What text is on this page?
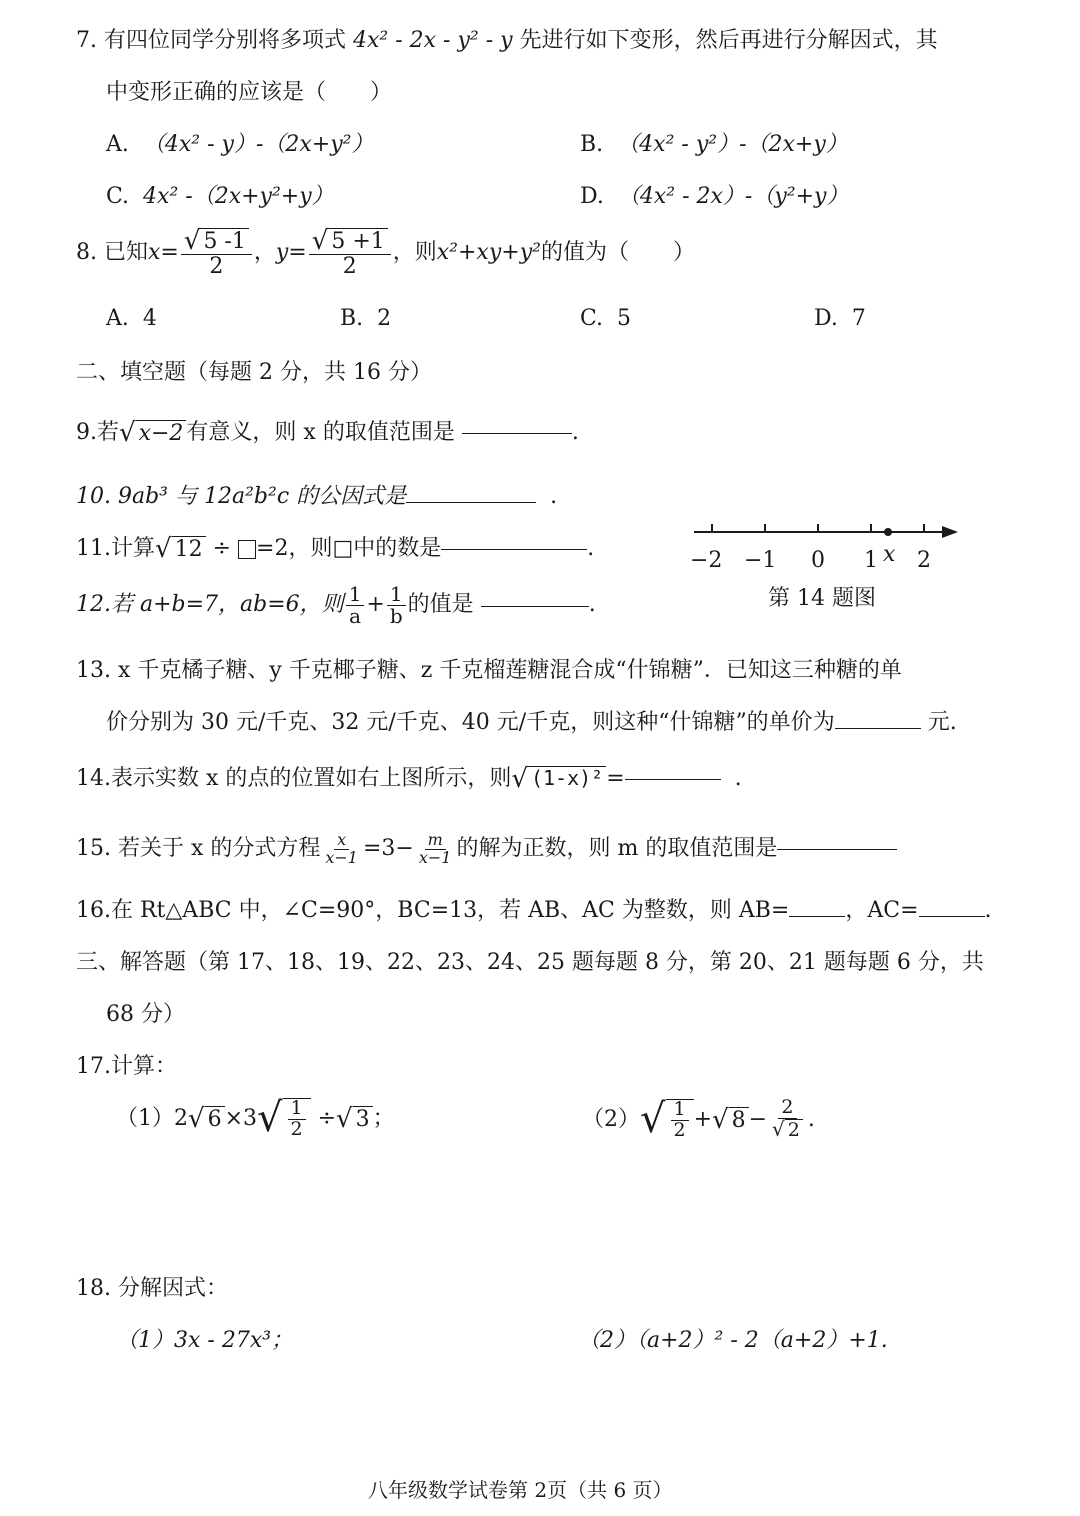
7. 有四位同学分别将多项式 4x² - 2x - y² - y 先进行如下变形，然后再进行分解因式，其
中变形正确的应该是（　　）
A. （4x² - y）-（2x+y²）	B. （4x² - y²）-（2x+y）
C. 4x² -（2x+y²+y）	D. （4x² - 2x）-（y²+y）
8.
已知 $x= \frac{√ 5 -1}{2}$ ， $y= \frac{√ 5 +1}{2}$ ，则 x²+xy+y² 的值为（　　）
A. 4	B. 2	C. 5	D. 7
二、填空题（每题 2 分，共 16 分）
9.若 √ x−2 有意义，则 x 的取值范围是
	.
10. 9ab³ 与 12a²b²c 的公因式是	.
11.计算 √ 12
÷
=2，则□中的数是	.
12.若 a+b=7，ab=6，则 $\frac{1}{a} + \frac{1}{b}$ 的值是
	.
−2 −1 0 1 x 2
第 14 题图
13. x 千克橘子糖、y 千克椰子糖、z 千克榴莲糖混合成“什锦糖”．已知这三种糖的单
价分别为 30 元/千克、32 元/千克、40 元/千克，则这种“什锦糖”的单价为	元.
14.表示实数 x 的点的位置如右上图所示，则 √ (1-x)² =
	.
15. 若关于 x 的分式方程 $\frac{x}{x-1} =3- \frac{m}{x-1}$ 的解为正数，则 m 的取值范围是
16.在 Rt△ABC 中，∠C=90°，BC=13，若 AB、AC 为整数，则 AB=	，AC=	.
三、解答题（第 17、18、19、22、23、24、25 题每题 8 分，第 20、21 题每题 6 分，共
68 分）
17.计算：
（1） 2 √ 6 ×3 √ $\frac{1}{2}$
÷ √ 3 ；	（2） √ $\frac{1}{2}$ + √ $8 - \frac{2}{√ 2}$ .
18. 分解因式：
（1）3x - 27x³；	（2）（a+2）² - 2（a+2）+1.
八年级数学试卷第 2页（共 6 页）
